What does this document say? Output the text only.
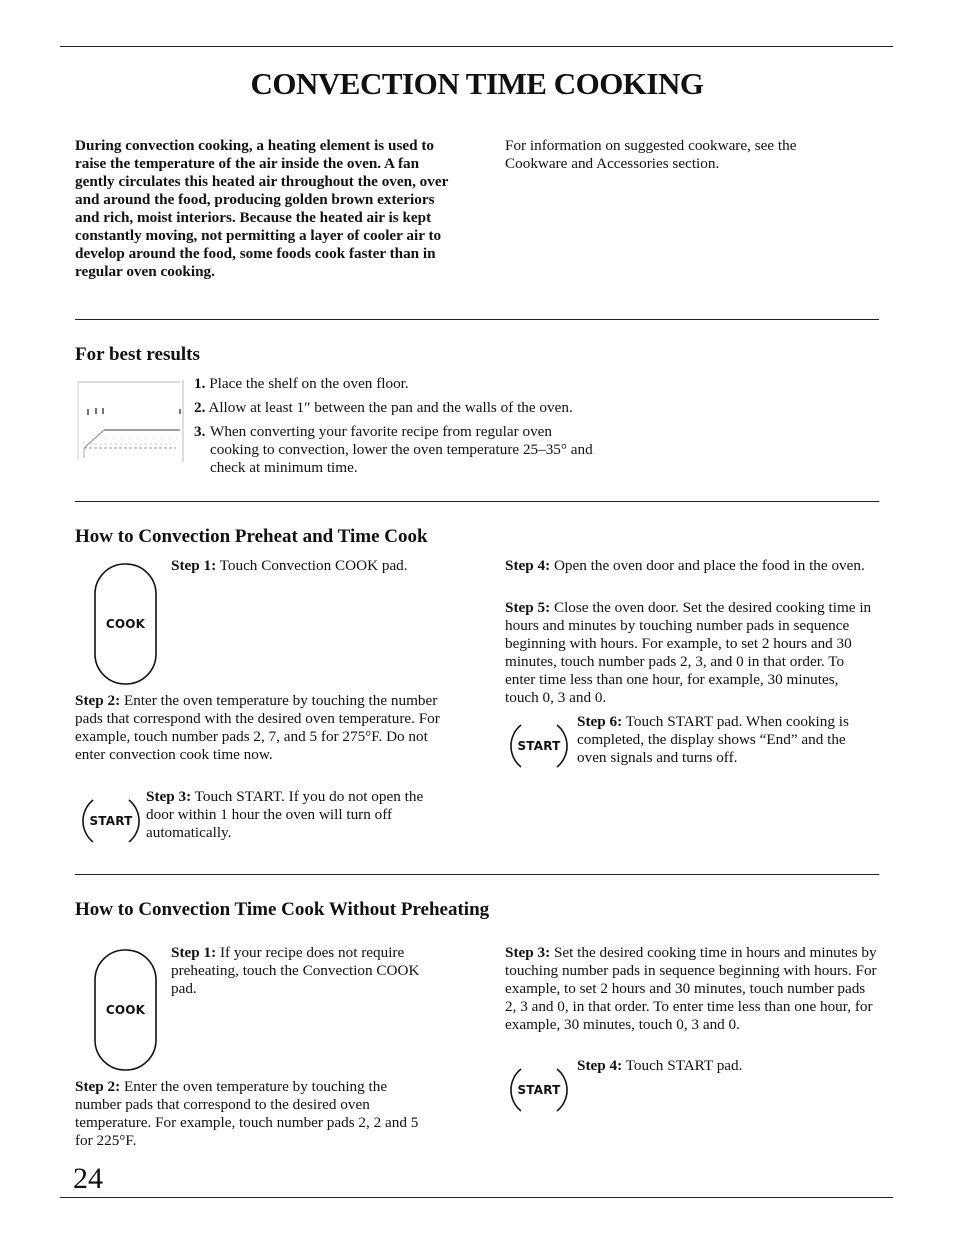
CONVECTION TIME COOKING

During convection cooking, a heating element is used to raise the temperature of the air inside the oven. A fan gently circulates this heated air throughout the oven, over and around the food, producing golden brown exteriors and rich, moist interiors. Because the heated air is kept constantly moving, not permitting a layer of cooler air to develop around the food, some foods cook faster than in regular oven cooking.

For information on suggested cookware, see the Cookware and Accessories section.

For best results
1. Place the shelf on the oven floor.
2. Allow at least 1″ between the pan and the walls of the oven.
3. When converting your favorite recipe from regular oven cooking to convection, lower the oven temperature 25–35° and check at minimum time.
How to Convection Preheat and Time Cook
COOK

Step 1: Touch Convection COOK pad.

Step 2: Enter the oven temperature by touching the number pads that correspond with the desired oven temperature. For example, touch number pads 2, 7, and 5 for 275°F. Do not enter convection cook time now.

START

Step 3: Touch START. If you do not open the door within 1 hour the oven will turn off automatically.

Step 4: Open the oven door and place the food in the oven.

Step 5: Close the oven door. Set the desired cooking time in hours and minutes by touching number pads in sequence beginning with hours. For example, to set 2 hours and 30 minutes, touch number pads 2, 3, and 0 in that order. To enter time less than one hour, for example, 30 minutes, touch 0, 3 and 0.

START

Step 6: Touch START pad. When cooking is completed, the display shows “End” and the oven signals and turns off.

How to Convection Time Cook Without Preheating
COOK

Step 1: If your recipe does not require preheating, touch the Convection COOK pad.

Step 2: Enter the oven temperature by touching the number pads that correspond to the desired oven temperature. For example, touch number pads 2, 2 and 5 for 225°F.

Step 3: Set the desired cooking time in hours and minutes by touching number pads in sequence beginning with hours. For example, to set 2 hours and 30 minutes, touch number pads 2, 3 and 0, in that order. To enter time less than one hour, for example, 30 minutes, touch 0, 3 and 0.

START

Step 4: Touch START pad.

24
